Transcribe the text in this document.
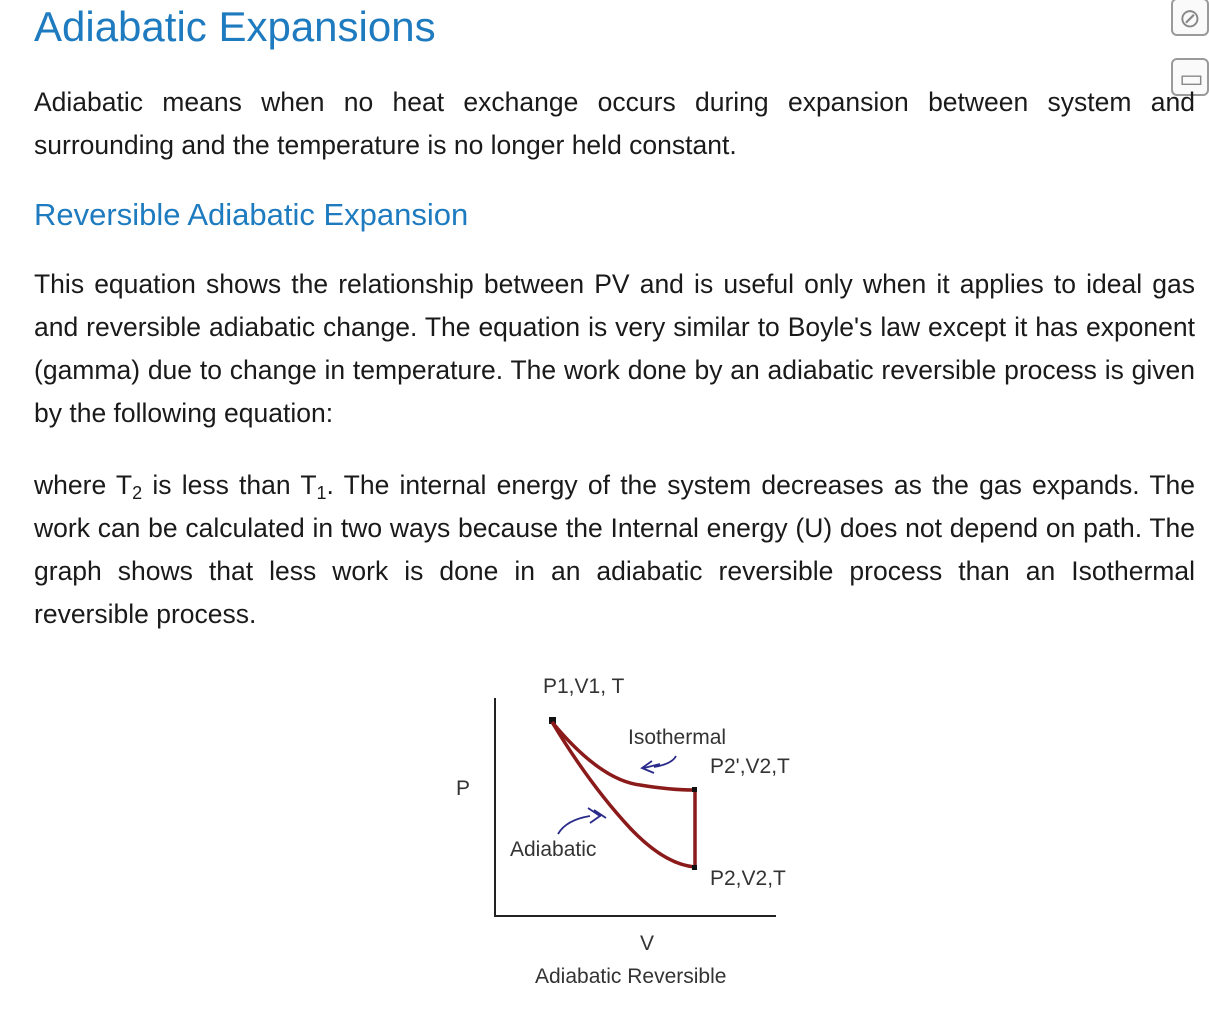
Adiabatic Expansions	⊘
▭

Adiabatic means when no heat exchange occurs during expansion between system and surrounding and the temperature is no longer held constant.

Reversible Adiabatic Expansion

This equation shows the relationship between PV and is useful only when it applies to ideal gas and reversible adiabatic change. The equation is very similar to Boyle's law except it has exponent (gamma) due to change in temperature. The work done by an adiabatic reversible process is given by the following equation:

where $T_2$ is less than $T_1$. The internal energy of the system decreases as the gas expands. The work can be calculated in two ways because the Internal energy (U) does not depend on path. The graph shows that less work is done in an adiabatic reversible process than an Isothermal reversible process.

P1,V1, T
Isothermal
P2',V2,T
P
Adiabatic
P2,V2,T
V
Adiabatic Reversible
